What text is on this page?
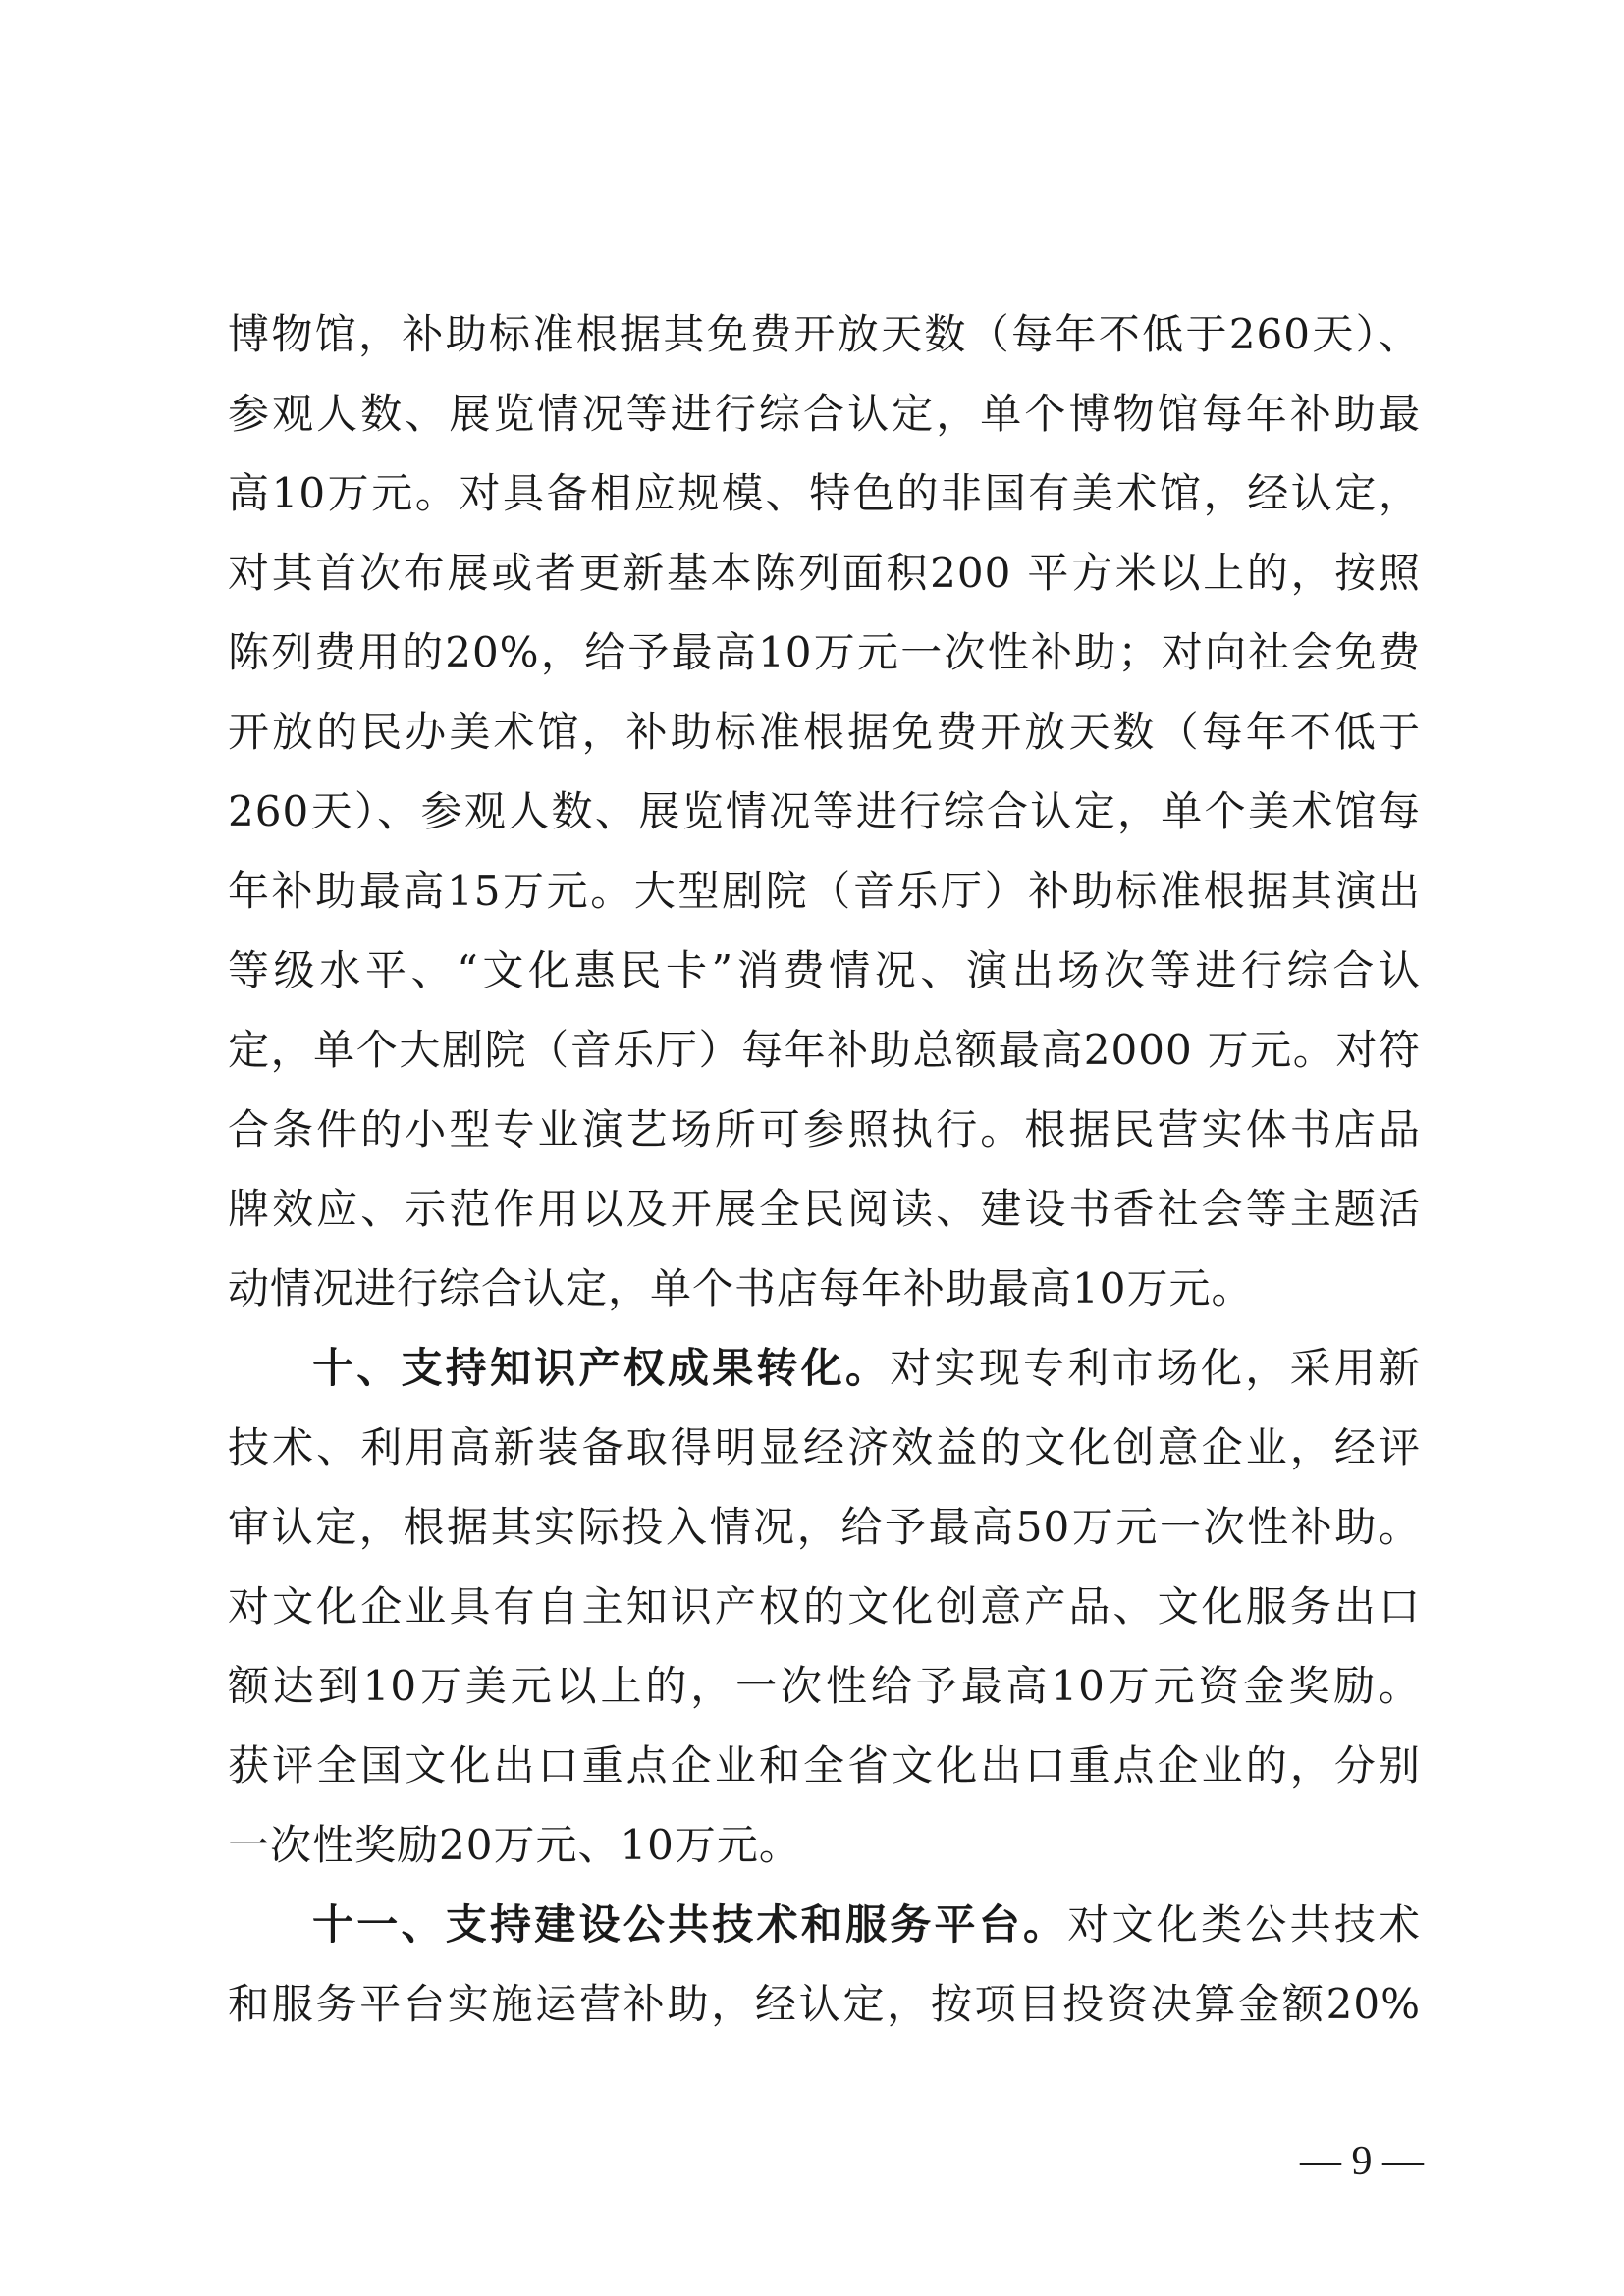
博物馆，补助标准根据其免费开放天数（每年不低于260天）、
参观人数、展览情况等进行综合认定，单个博物馆每年补助最
高10万元。对具备相应规模、特色的非国有美术馆，经认定，
对其首次布展或者更新基本陈列面积200 平方米以上的，按照
陈列费用的20%，给予最高10万元一次性补助；对向社会免费
开放的民办美术馆，补助标准根据免费开放天数（每年不低于
260天）、参观人数、展览情况等进行综合认定，单个美术馆每
年补助最高15万元。大型剧院（音乐厅）补助标准根据其演出
等级水平、“文化惠民卡”消费情况、演出场次等进行综合认
定，单个大剧院（音乐厅）每年补助总额最高2000 万元。对符
合条件的小型专业演艺场所可参照执行。根据民营实体书店品
牌效应、示范作用以及开展全民阅读、建设书香社会等主题活
动情况进行综合认定，单个书店每年补助最高10万元。
十、支持知识产权成果转化。对实现专利市场化，采用新
技术、利用高新装备取得明显经济效益的文化创意企业，经评
审认定，根据其实际投入情况，给予最高50万元一次性补助。
对文化企业具有自主知识产权的文化创意产品、文化服务出口
额达到10万美元以上的，一次性给予最高10万元资金奖励。
获评全国文化出口重点企业和全省文化出口重点企业的，分别
一次性奖励20万元、10万元。
十一、支持建设公共技术和服务平台。对文化类公共技术
和服务平台实施运营补助，经认定，按项目投资决算金额20%
— 9 —
